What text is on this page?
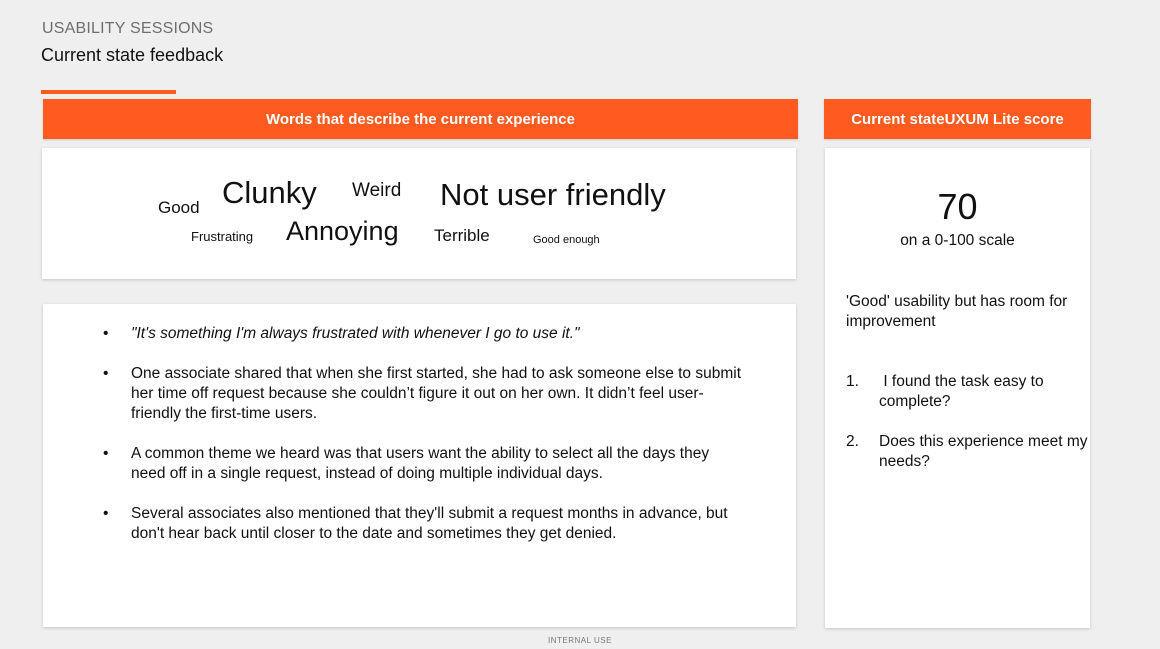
USABILITY SESSIONS
Current state feedback
Words that describe the current experience
Good Clunky Weird Not user friendly
Frustrating Annoying Terrible	Good enough
• "It's something I'm always frustrated with whenever I go to use it."
• One associate shared that when she first started, she had to ask someone else to submit her time off request because she couldn’t figure it out on her own. It didn’t feel user-friendly the first-time users.
• A common theme we heard was that users want the ability to select all the days they need off in a single request, instead of doing multiple individual days.
• Several associates also mentioned that they'll submit a request months in advance, but don't hear back until closer to the date and sometimes they get denied.
Current stateUXUM Lite score
70
on a 0-100 scale
'Good' usability but has room for improvement
1. I found the task easy to complete?
2. Does this experience meet my needs?
INTERNAL USE
